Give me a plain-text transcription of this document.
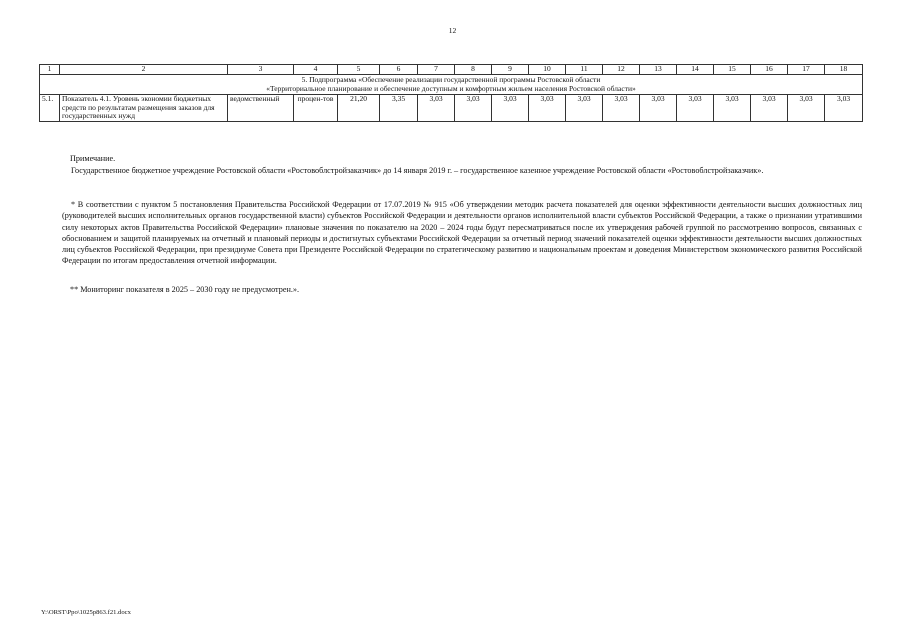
12
1	2	3	4	5	6	7	8	9	10	11	12	13	14	15	16	17	18

5. Подпрограмма «Обеспечение реализации государственной программы Ростовской области
«Территориальное планирование и обеспечение доступным и комфортным жильем населения Ростовской области»																	

5.1.	Показатель 4.1. Уровень экономии бюджетных средств по результатам размещения заказов для государственных нужд	ведомственный	процен-тов	21,20	3,35	3,03	3,03	3,03	3,03	3,03	3,03	3,03	3,03	3,03	3,03	3,03	3,03
Примечание.
Государственное бюджетное учреждение Ростовской области «Ростовоблстройзаказчик» до 14 января 2019 г. – государственное казенное учреждение Ростовской области «Ростовоблстройзаказчик».
* В соответствии с пунктом 5 постановления Правительства Российской Федерации от 17.07.2019 № 915 «Об утверждении методик расчета показателей для оценки эффективности деятельности высших должностных лиц (руководителей высших исполнительных органов государственной власти) субъектов Российской Федерации и деятельности органов исполнительной власти субъектов Российской Федерации, а также о признании утратившими силу некоторых актов Правительства Российской Федерации» плановые значения по показателю на 2020 – 2024 годы будут пересматриваться после их утверждения рабочей группой по рассмотрению вопросов, связанных с обоснованием и защитой планируемых на отчетный и плановый периоды и достигнутых субъектами Российской Федерации за отчетный период значений показателей оценки эффективности деятельности высших должностных лиц субъектов Российской Федерации, при президиуме Совета при Президенте Российской Федерации по стратегическому развитию и национальным проектам и доведения Министерством экономического развития Российской Федерации по итогам предоставления отчетной информации.
** Мониторинг показателя в 2025 – 2030 году не предусмотрен.».
Y:\ORST\Ppo\1025p863.f21.docx
